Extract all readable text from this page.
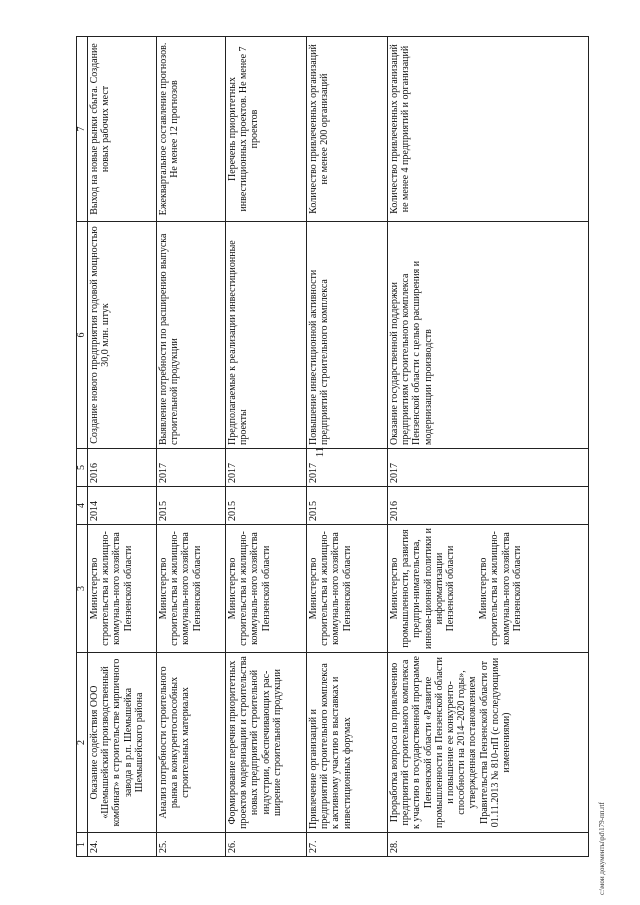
11
1	2	3	4	5	6	7
24.	Оказание содействия ООО «Шемышейский производственный комбинат» в строительстве кирпичного завода в р.п. Шемышейка Шемышейского района	Министерство строительства и жилищно-коммуналь-ного хозяйства Пензенской области	2014	2016	Создание нового предприятия годовой мощностью 30,0 млн. штук	Выход на новые рынки сбыта. Создание новых рабочих мест
25.	Анализ потребности строительного рынка в конкурентоспособных строительных материалах	Министерство строительства и жилищно-коммуналь-ного хозяйства Пензенской области	2015	2017	Выявление потребности по расширению выпуска строительной продукции	Ежеквартальное составление прогнозов. Не менее 12 прогнозов
26.	Формирование перечня приоритетных проектов модернизации и строительства новых предприятий строительной индустрии, обеспечивающих рас-ширение строительной продукции	Министерство строительства и жилищно-коммуналь-ного хозяйства Пензенской области	2015	2017	Предполагаемые к реализации инвестиционные проекты	Перечень приоритетных инвестиционных проектов. Не менее 7 проектов
27.	Привлечение организаций и предприятий строительного комплекса к активному участию в выставках и инвестиционных форумах	Министерство строительства и жилищно-коммуналь-ного хозяйства Пензенской области	2015	2017	Повышение инвестиционной активности предприятий строительного комплекса	Количество привлеченных организаций не менее 200 организаций
28.	Проработка вопроса по привлечению предприятий строительного комплекса к участию в государственной программе Пензенской области «Развитие промышленности в Пензенской области и повышение ее конкуренто-способности на 2014–2020 годы», утвержденная постановлением Правительства Пензенской области от 01.11.2013 № 810-пП (с последующими изменениями)	Министерство промышленности, развития предпри-нимательства, иннова-ционной политики и информатизации Пензенской области Министерство строительства и жилищно-коммуналь-ного хозяйства Пензенской области	2016	2017	Оказание государственной поддержки предприятиям строительного комплекса Пензенской области с целью расширения и модернизации производств	Количество привлеченных организаций не менее 4 предприятий и организаций
c:\мои документы\pd\179-пп.rtf
